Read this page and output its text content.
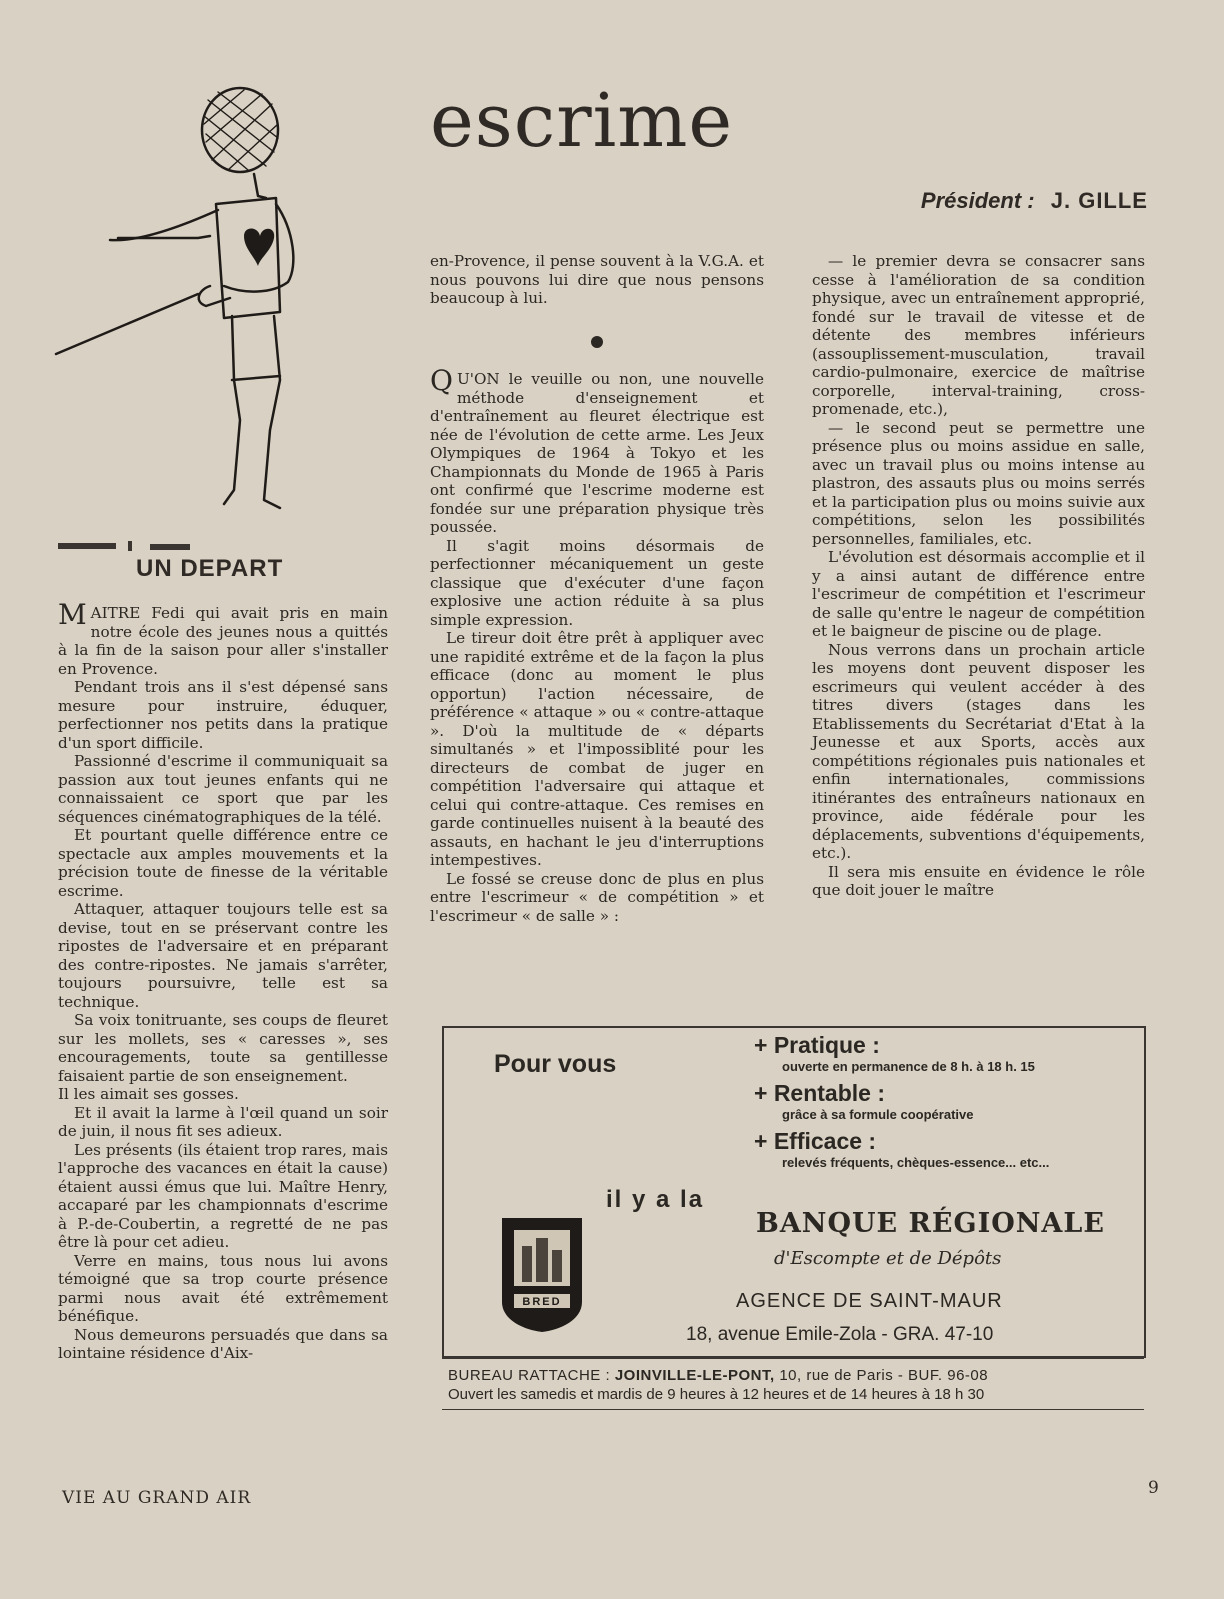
escrime
Président : J. GILLE
UN DEPART

MAITRE Fedi qui avait pris en main notre école des jeunes nous a quittés à la fin de la saison pour aller s'installer en Provence.

Pendant trois ans il s'est dépensé sans mesure pour instruire, éduquer, perfectionner nos petits dans la pratique d'un sport difficile.

Passionné d'escrime il communiquait sa passion aux tout jeunes enfants qui ne connaissaient ce sport que par les séquences cinématographiques de la télé.

Et pourtant quelle différence entre ce spectacle aux amples mouvements et la précision toute de finesse de la véritable escrime.

Attaquer, attaquer toujours telle est sa devise, tout en se préservant contre les ripostes de l'adversaire et en préparant des contre-ripostes. Ne jamais s'arrêter, toujours poursuivre, telle est sa technique.

Sa voix tonitruante, ses coups de fleuret sur les mollets, ses « caresses », ses encouragements, toute sa gentillesse faisaient partie de son enseignement.

Il les aimait ses gosses.

Et il avait la larme à l'œil quand un soir de juin, il nous fit ses adieux.

Les présents (ils étaient trop rares, mais l'approche des vacances en était la cause) étaient aussi émus que lui. Maître Henry, accaparé par les championnats d'escrime à P.-de-Coubertin, a regretté de ne pas être là pour cet adieu.

Verre en mains, tous nous lui avons témoigné que sa trop courte présence parmi nous avait été extrêmement bénéfique.

Nous demeurons persuadés que dans sa lointaine résidence d'Aix-

en-Provence, il pense souvent à la V.G.A. et nous pouvons lui dire que nous pensons beaucoup à lui.

Q U'ON le veuille ou non, une nouvelle méthode d'enseignement et d'entraînement au fleuret électrique est née de l'évolution de cette arme. Les Jeux Olympiques de 1964 à Tokyo et les Championnats du Monde de 1965 à Paris ont confirmé que l'escrime moderne est fondée sur une préparation physique très poussée.

Il s'agit moins désormais de perfectionner mécaniquement un geste classique que d'exécuter d'une façon explosive une action réduite à sa plus simple expression.

Le tireur doit être prêt à appliquer avec une rapidité extrême et de la façon la plus efficace (donc au moment le plus opportun) l'action nécessaire, de préférence « attaque » ou « contre-attaque ». D'où la multitude de « départs simultanés » et l'impossiblité pour les directeurs de combat de juger en compétition l'adversaire qui attaque et celui qui contre-attaque. Ces remises en garde continuelles nuisent à la beauté des assauts, en hachant le jeu d'interruptions intempestives.

Le fossé se creuse donc de plus en plus entre l'escrimeur « de compétition » et l'escrimeur « de salle » :

— le premier devra se consacrer sans cesse à l'amélioration de sa condition physique, avec un entraînement approprié, fondé sur le travail de vitesse et de détente des membres inférieurs (assouplissement-musculation, travail cardio-pulmonaire, exercice de maîtrise corporelle, interval-training, cross-promenade, etc.),

— le second peut se permettre une présence plus ou moins assidue en salle, avec un travail plus ou moins intense au plastron, des assauts plus ou moins serrés et la participation plus ou moins suivie aux compétitions, selon les possibilités personnelles, familiales, etc.

L'évolution est désormais accomplie et il y a ainsi autant de différence entre l'escrimeur de compétition et l'escrimeur de salle qu'entre le nageur de compétition et le baigneur de piscine ou de plage.

Nous verrons dans un prochain article les moyens dont peuvent disposer les escrimeurs qui veulent accéder à des titres divers (stages dans les Etablissements du Secrétariat d'Etat à la Jeunesse et aux Sports, accès aux compétitions régionales puis nationales et enfin internationales, commissions itinérantes des entraîneurs nationaux en province, aide fédérale pour les déplacements, subventions d'équipements, etc.).

Il sera mis ensuite en évidence le rôle que doit jouer le maître

Pour vous
+ Pratique :
ouverte en permanence de 8 h. à 18 h. 15
+ Rentable :
grâce à sa formule coopérative
+ Efficace :
relevés fréquents, chèques-essence... etc...
il y a la
BANQUE RÉGIONALE
d'Escompte et de Dépôts
BRED	AGENCE DE SAINT-MAUR
18, avenue Emile-Zola - GRA. 47-10
BUREAU RATTACHE : JOINVILLE-LE-PONT, 10, rue de Paris - BUF. 96-08
Ouvert les samedis et mardis de 9 heures à 12 heures et de 14 heures à 18 h 30
VIE AU GRAND AIR	9
